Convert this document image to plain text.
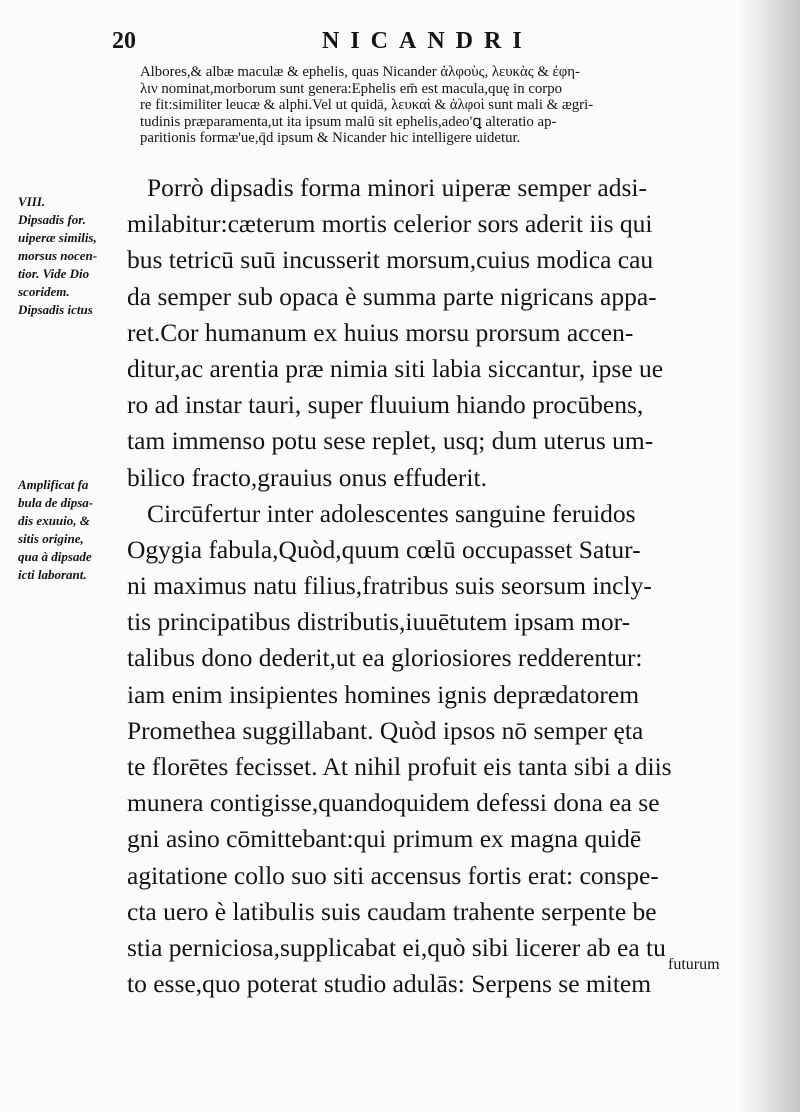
20	NICANDRI
Albores,& albæ maculæ & ephelis, quas Nicander ἀλφοὺς, λευκὰς & ἐφη-
λιν nominat,morborum sunt genera:Ephelis em̄ est macula,quę in corpo
re fit:similiter leucæ & alphi.Vel ut quidā, λευκαὶ & ἀλφοὶ sunt mali & ægri-
tudinis præparamenta,ut ita ipsum malū sit ephelis,adeo'ꝗ alteratio ap-
paritionis formæ'ue,q̄d ipsum & Nicander hic intelligere uidetur.
VIII.
Dipsadis for.
uiperæ similis,
morsus nocen-
tior. Vide Dio
scoridem.
Dipsadis ictus
Amplificat fa
bula de dipsa-
dis exuuio, &
sitis origine,
qua à dipsade
icti laborant.
Porrò dipsadis forma minori uiperæ semper adsi-
milabitur:cæterum mortis celerior sors aderit iis qui
bus tetricū suū incusserit morsum,cuius modica cau
da semper sub opaca è summa parte nigricans appa-
ret.Cor humanum ex huius morsu prorsum accen-
ditur,ac arentia præ nimia siti labia siccantur, ipse ue
ro ad instar tauri, super fluuium hiando procūbens,
tam immenso potu sese replet, usq; dum uterus um-
bilico fracto,grauius onus effuderit.
Circūfertur inter adolescentes sanguine feruidos
Ogygia fabula,Quòd,quum cœlū occupasset Satur-
ni maximus natu filius,fratribus suis seorsum incly-
tis principatibus distributis,iuuētutem ipsam mor-
talibus dono dederit,ut ea gloriosiores redderentur:
iam enim insipientes homines ignis deprædatorem
Promethea suggillabant. Quòd ipsos nō semper ęta
te florētes fecisset. At nihil profuit eis tanta sibi a diis
munera contigisse,quandoquidem defessi dona ea se
gni asino cōmittebant:qui primum ex magna quidē
agitatione collo suo siti accensus fortis erat: conspe-
cta uero è latibulis suis caudam trahente serpente be
stia perniciosa,supplicabat ei,quò sibi licerer ab ea tu
to esse,quo poterat studio adulās: Serpens se mitem
futurum
